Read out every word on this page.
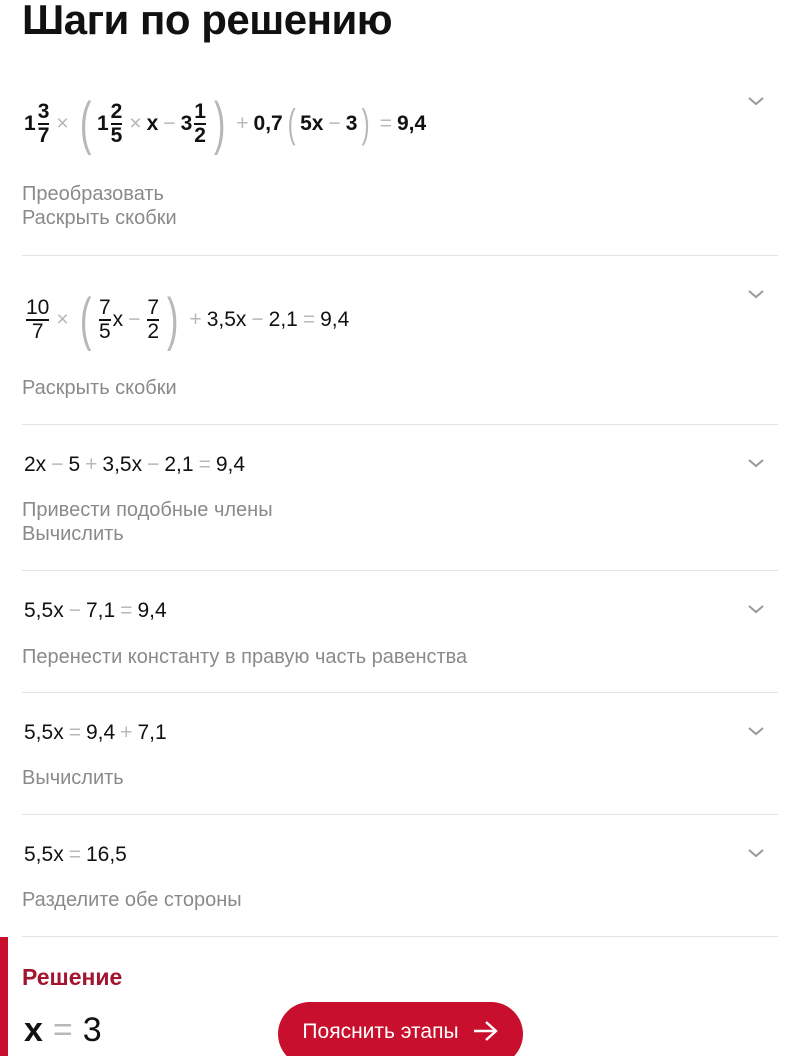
Шаги по решению
$1 \frac{3}{7}$ × ( $1 \frac{2}{5} \times x - 3 \frac{1}{2}$ ) + 0,7 ( 5x − 3 ) = 9,4
Преобразовать
Раскрыть скобки
$\frac{10}{7}$ × ( $\frac{7}{5}$ $x - \frac{7}{2}$ ) + 3,5x − 2,1 = 9,4
Раскрыть скобки
2x − 5 + 3,5x − 2,1 = 9,4
Привести подобные члены
Вычислить
5,5x − 7,1 = 9,4
Перенести константу в правую часть равенства
5,5x = 9,4 + 7,1
Вычислить
5,5x = 16,5
Разделите обе стороны
Решение
x = 3	Пояснить этапы
